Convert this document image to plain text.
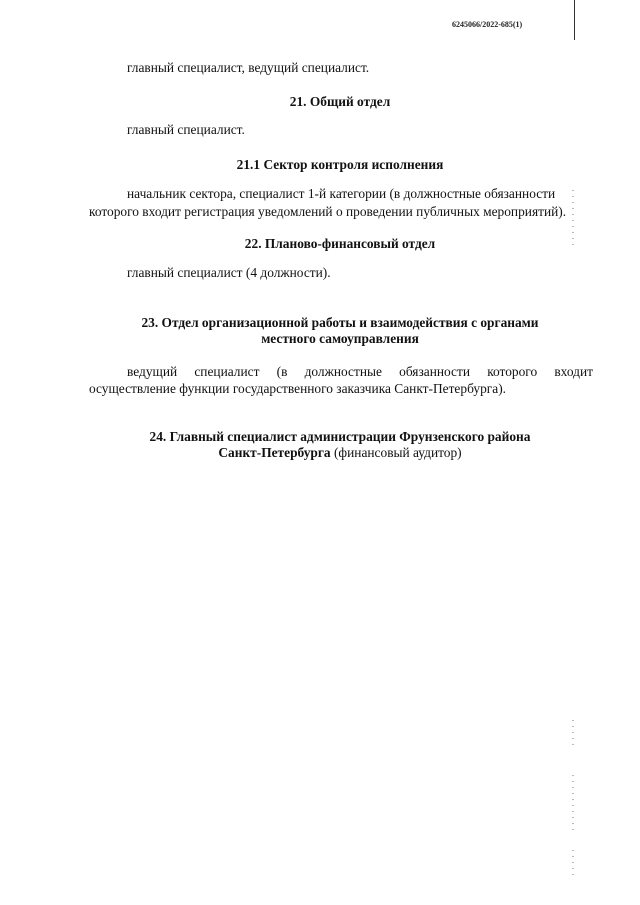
6245066/2022-685(1)
главный специалист, ведущий специалист.
21. Общий отдел
главный специалист.
21.1 Сектор контроля исполнения
начальник сектора, специалист 1-й категории (в должностные обязанности
которого входит регистрация уведомлений о проведении публичных мероприятий).
22. Планово-финансовый отдел
главный специалист (4 должности).
23. Отдел организационной работы и взаимодействия с органами
местного самоуправления
ведущий специалист (в должностные обязанности которого входит
осуществление функции государственного заказчика Санкт-Петербурга).
24. Главный специалист администрации Фрунзенского района
Санкт-Петербурга (финансовый аудитор)
